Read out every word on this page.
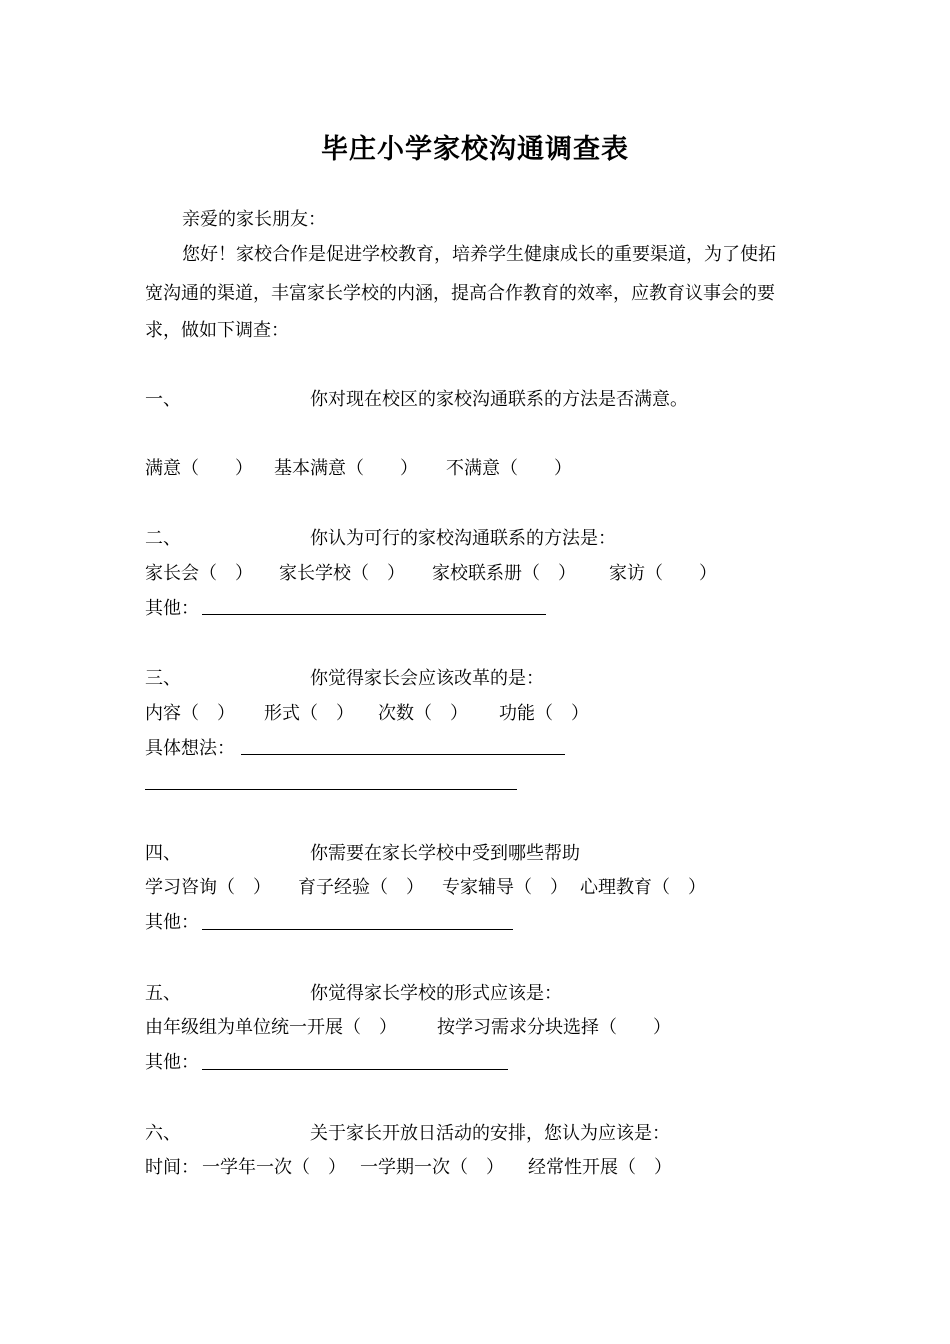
毕庄小学家校沟通调查表
亲爱的家长朋友：
您好！家校合作是促进学校教育，培养学生健康成长的重要渠道，为了使拓
宽沟通的渠道，丰富家长学校的内涵，提高合作教育的效率，应教育议事会的要
求，做如下调查：
一、	你对现在校区的家校沟通联系的方法是否满意。
满意（　　） 基本满意（　　） 不满意（　　）
二、	你认为可行的家校沟通联系的方法是：
家长会（　） 家长学校（　） 家校联系册（　） 家访（　　）
其他：
三、	你觉得家长会应该改革的是：
内容（　） 形式（　） 次数（　） 功能（　）
具体想法：
四、	你需要在家长学校中受到哪些帮助
学习咨询（　） 育子经验（　） 专家辅导（　） 心理教育（　）
其他：
五、	你觉得家长学校的形式应该是：
由年级组为单位统一开展（　） 按学习需求分块选择（　　）
其他：
六、	关于家长开放日活动的安排，您认为应该是：
时间： 一学年一次（　） 一学期一次（　） 经常性开展（　）
